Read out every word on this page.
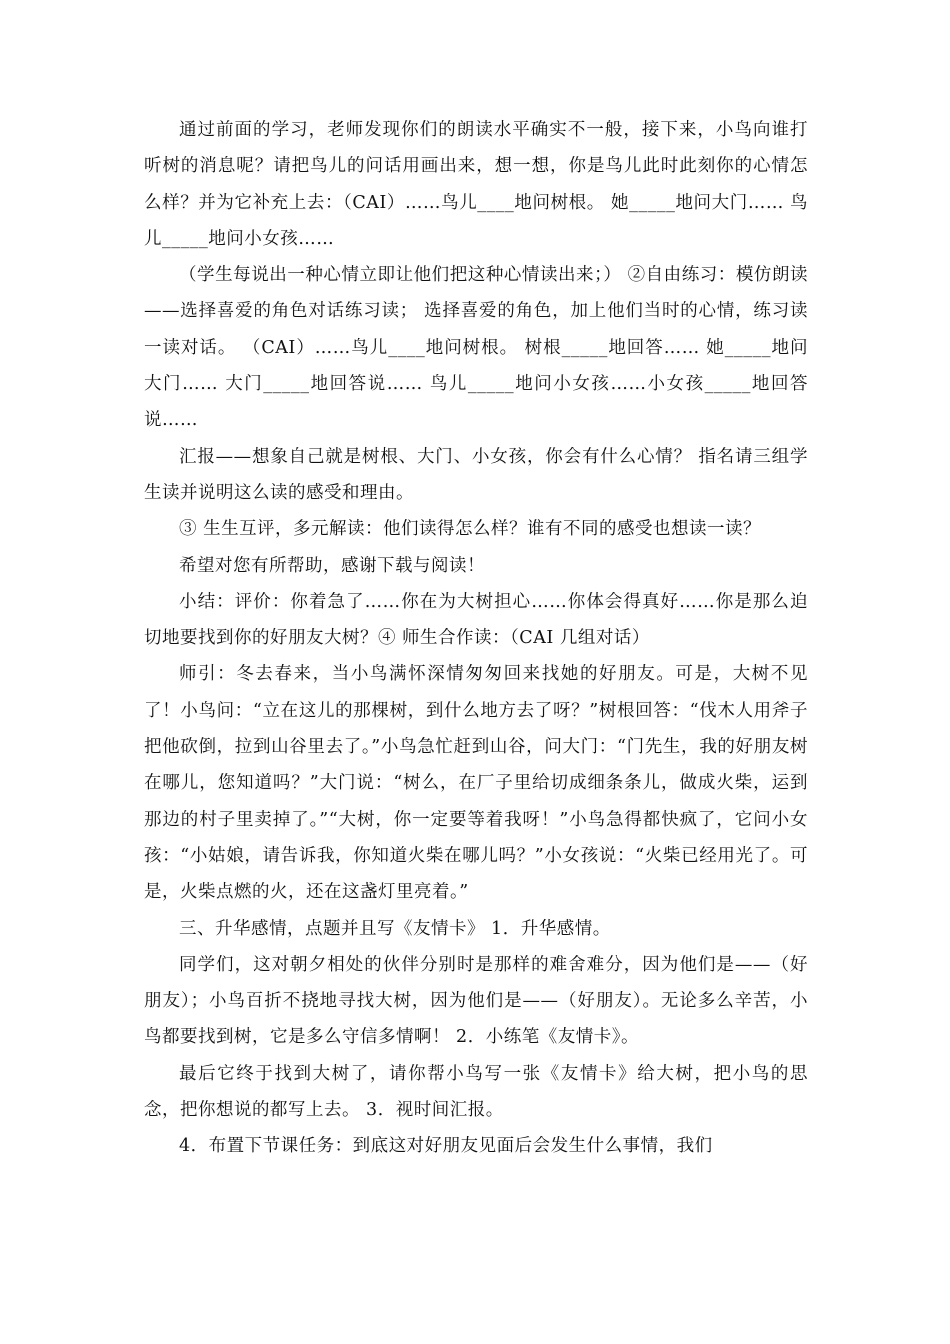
通过前面的学习，老师发现你们的朗读水平确实不一般，接下来，小鸟向谁打听树的消息呢？请把鸟儿的问话用画出来，想一想，你是鸟儿此时此刻你的心情怎么样？并为它补充上去：（CAI）……鸟儿____地问树根。 她_____地问大门…… 鸟儿_____地问小女孩……

（学生每说出一种心情立即让他们把这种心情读出来；） ②自由练习：模仿朗读——选择喜爱的角色对话练习读； 选择喜爱的角色，加上他们当时的心情，练习读一读对话。 （CAI）……鸟儿____地问树根。 树根_____地回答…… 她_____地问大门…… 大门_____地回答说…… 鸟儿_____地问小女孩……小女孩_____地回答说……

汇报——想象自己就是树根、大门、小女孩，你会有什么心情？ 指名请三组学生读并说明这么读的感受和理由。

③ 生生互评，多元解读：他们读得怎么样？谁有不同的感受也想读一读？

希望对您有所帮助，感谢下载与阅读！

小结：评价：你着急了……你在为大树担心……你体会得真好……你是那么迫切地要找到你的好朋友大树？④ 师生合作读：（CAI 几组对话）

师引：冬去春来，当小鸟满怀深情匆匆回来找她的好朋友。可是，大树不见了！小鸟问：“立在这儿的那棵树，到什么地方去了呀？”树根回答：“伐木人用斧子把他砍倒，拉到山谷里去了。”小鸟急忙赶到山谷，问大门：“门先生，我的好朋友树在哪儿，您知道吗？”大门说：“树么，在厂子里给切成细条条儿，做成火柴，运到那边的村子里卖掉了。”“大树，你一定要等着我呀！”小鸟急得都快疯了，它问小女孩：“小姑娘，请告诉我，你知道火柴在哪儿吗？”小女孩说：“火柴已经用光了。可是，火柴点燃的火，还在这盏灯里亮着。”

三、升华感情，点题并且写《友情卡》 1．升华感情。

同学们，这对朝夕相处的伙伴分别时是那样的难舍难分，因为他们是——（好朋友）；小鸟百折不挠地寻找大树，因为他们是——（好朋友）。无论多么辛苦，小鸟都要找到树，它是多么守信多情啊！ 2．小练笔《友情卡》。

最后它终于找到大树了，请你帮小鸟写一张《友情卡》给大树，把小鸟的思念，把你想说的都写上去。 3．视时间汇报。

4．布置下节课任务：到底这对好朋友见面后会发生什么事情，我们
